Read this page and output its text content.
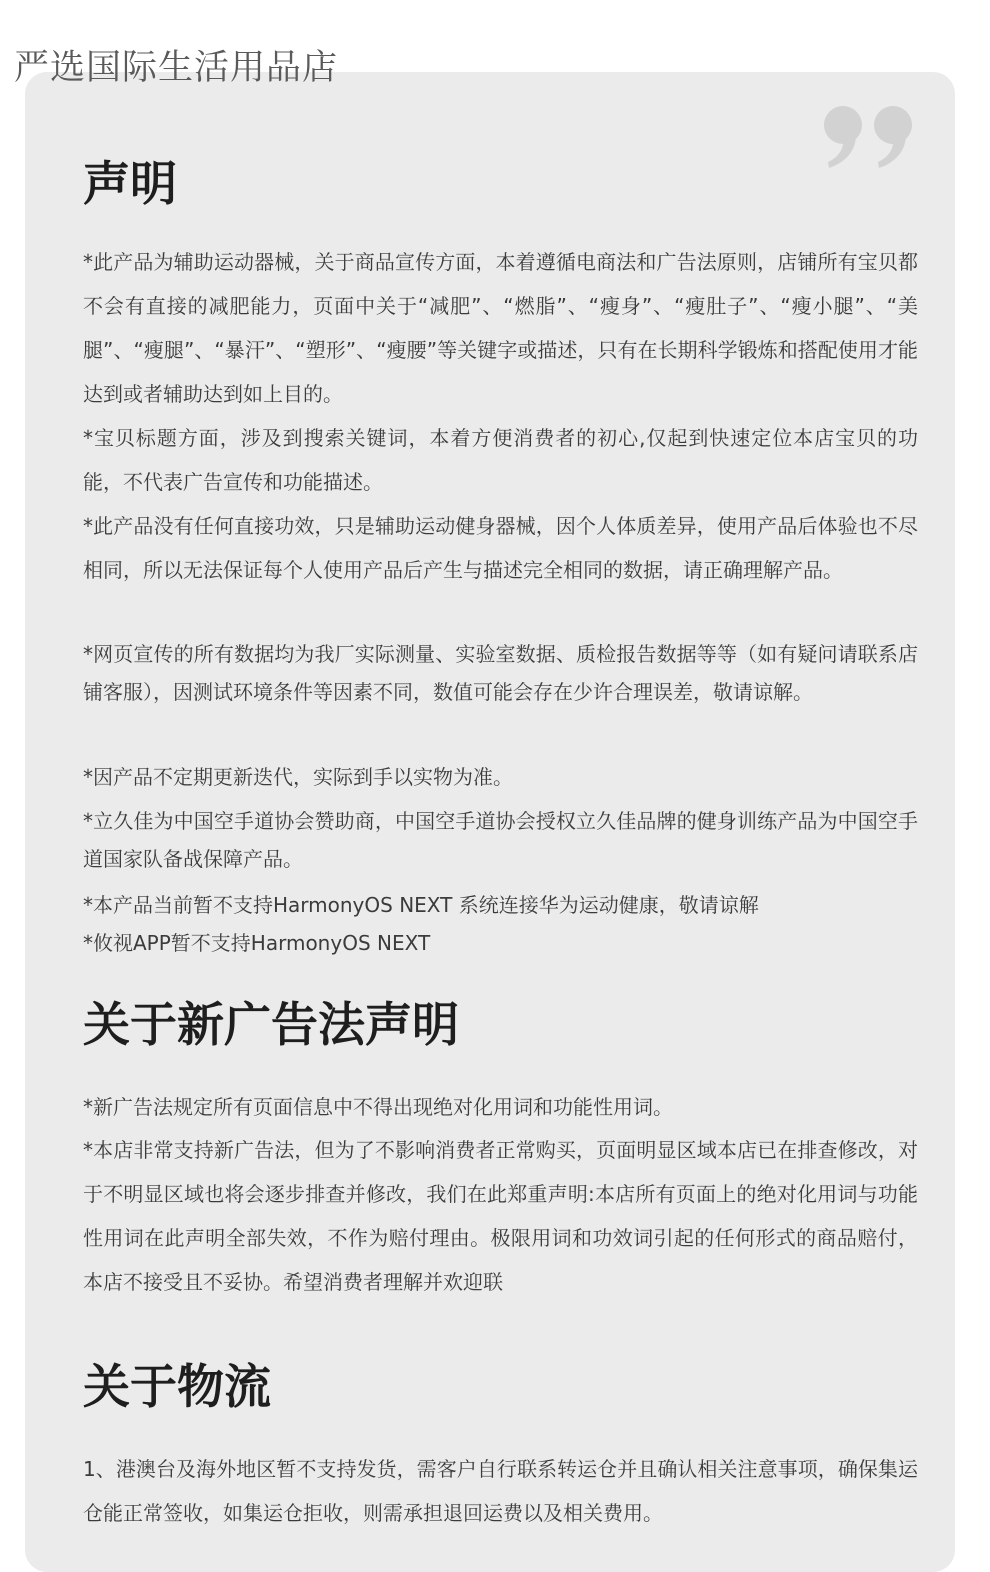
严选国际生活用品店
声明

*此产品为辅助运动器械，关于商品宣传方面，本着遵循电商法和广告法原则，店铺所有宝贝都不会有直接的减肥能力，页面中关于“减肥”、“燃脂”、“瘦身”、“瘦肚子”、“瘦小腿”、“美腿”、“瘦腿”、“暴汗”、“塑形”、“瘦腰”等关键字或描述，只有在长期科学锻炼和搭配使用才能达到或者辅助达到如上目的。

*宝贝标题方面，涉及到搜索关键词，本着方便消费者的初心,仅起到快速定位本店宝贝的功能，不代表广告宣传和功能描述。

*此产品没有任何直接功效，只是辅助运动健身器械，因个人体质差异，使用产品后体验也不尽相同，所以无法保证每个人使用产品后产生与描述完全相同的数据，请正确理解产品。

*网页宣传的所有数据均为我厂实际测量、实验室数据、质检报告数据等等（如有疑问请联系店铺客服），因测试环境条件等因素不同，数值可能会存在少许合理误差，敬请谅解。

*因产品不定期更新迭代，实际到手以实物为准。

*立久佳为中国空手道协会赞助商，中国空手道协会授权立久佳品牌的健身训练产品为中国空手道国家队备战保障产品。

*本产品当前暂不支持HarmonyOS NEXT 系统连接华为运动健康，敬请谅解

*攸视APP暂不支持HarmonyOS NEXT

关于新广告法声明

*新广告法规定所有页面信息中不得出现绝对化用词和功能性用词。

*本店非常支持新广告法，但为了不影响消费者正常购买，页面明显区域本店已在排查修改，对于不明显区域也将会逐步排查并修改，我们在此郑重声明:本店所有页面上的绝对化用词与功能性用词在此声明全部失效，不作为赔付理由。极限用词和功效词引起的任何形式的商品赔付，本店不接受且不妥协。希望消费者理解并欢迎联

关于物流

1、港澳台及海外地区暂不支持发货，需客户自行联系转运仓并且确认相关注意事项，确保集运仓能正常签收，如集运仓拒收，则需承担退回运费以及相关费用。
